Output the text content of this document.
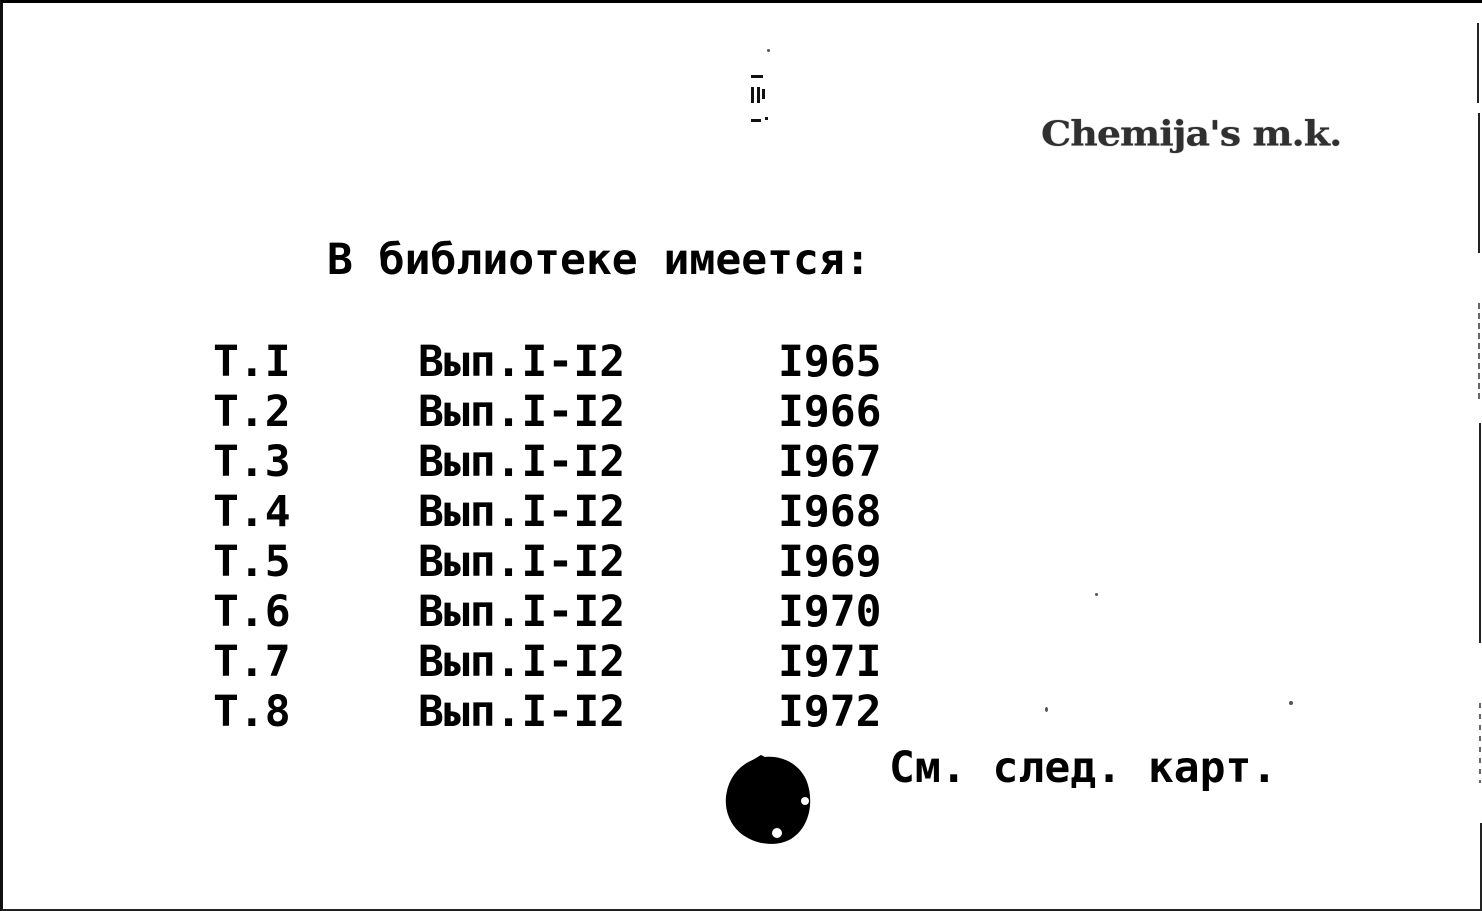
Chemija's m.k.
В библиотеке имеется:
Т.I	Вып.I-I2	I965
Т.2	Вып.I-I2	I966
Т.3	Вып.I-I2	I967
Т.4	Вып.I-I2	I968
Т.5	Вып.I-I2	I969
Т.6	Вып.I-I2	I970
Т.7	Вып.I-I2	I97I
Т.8	Вып.I-I2	I972
См. след. карт.
